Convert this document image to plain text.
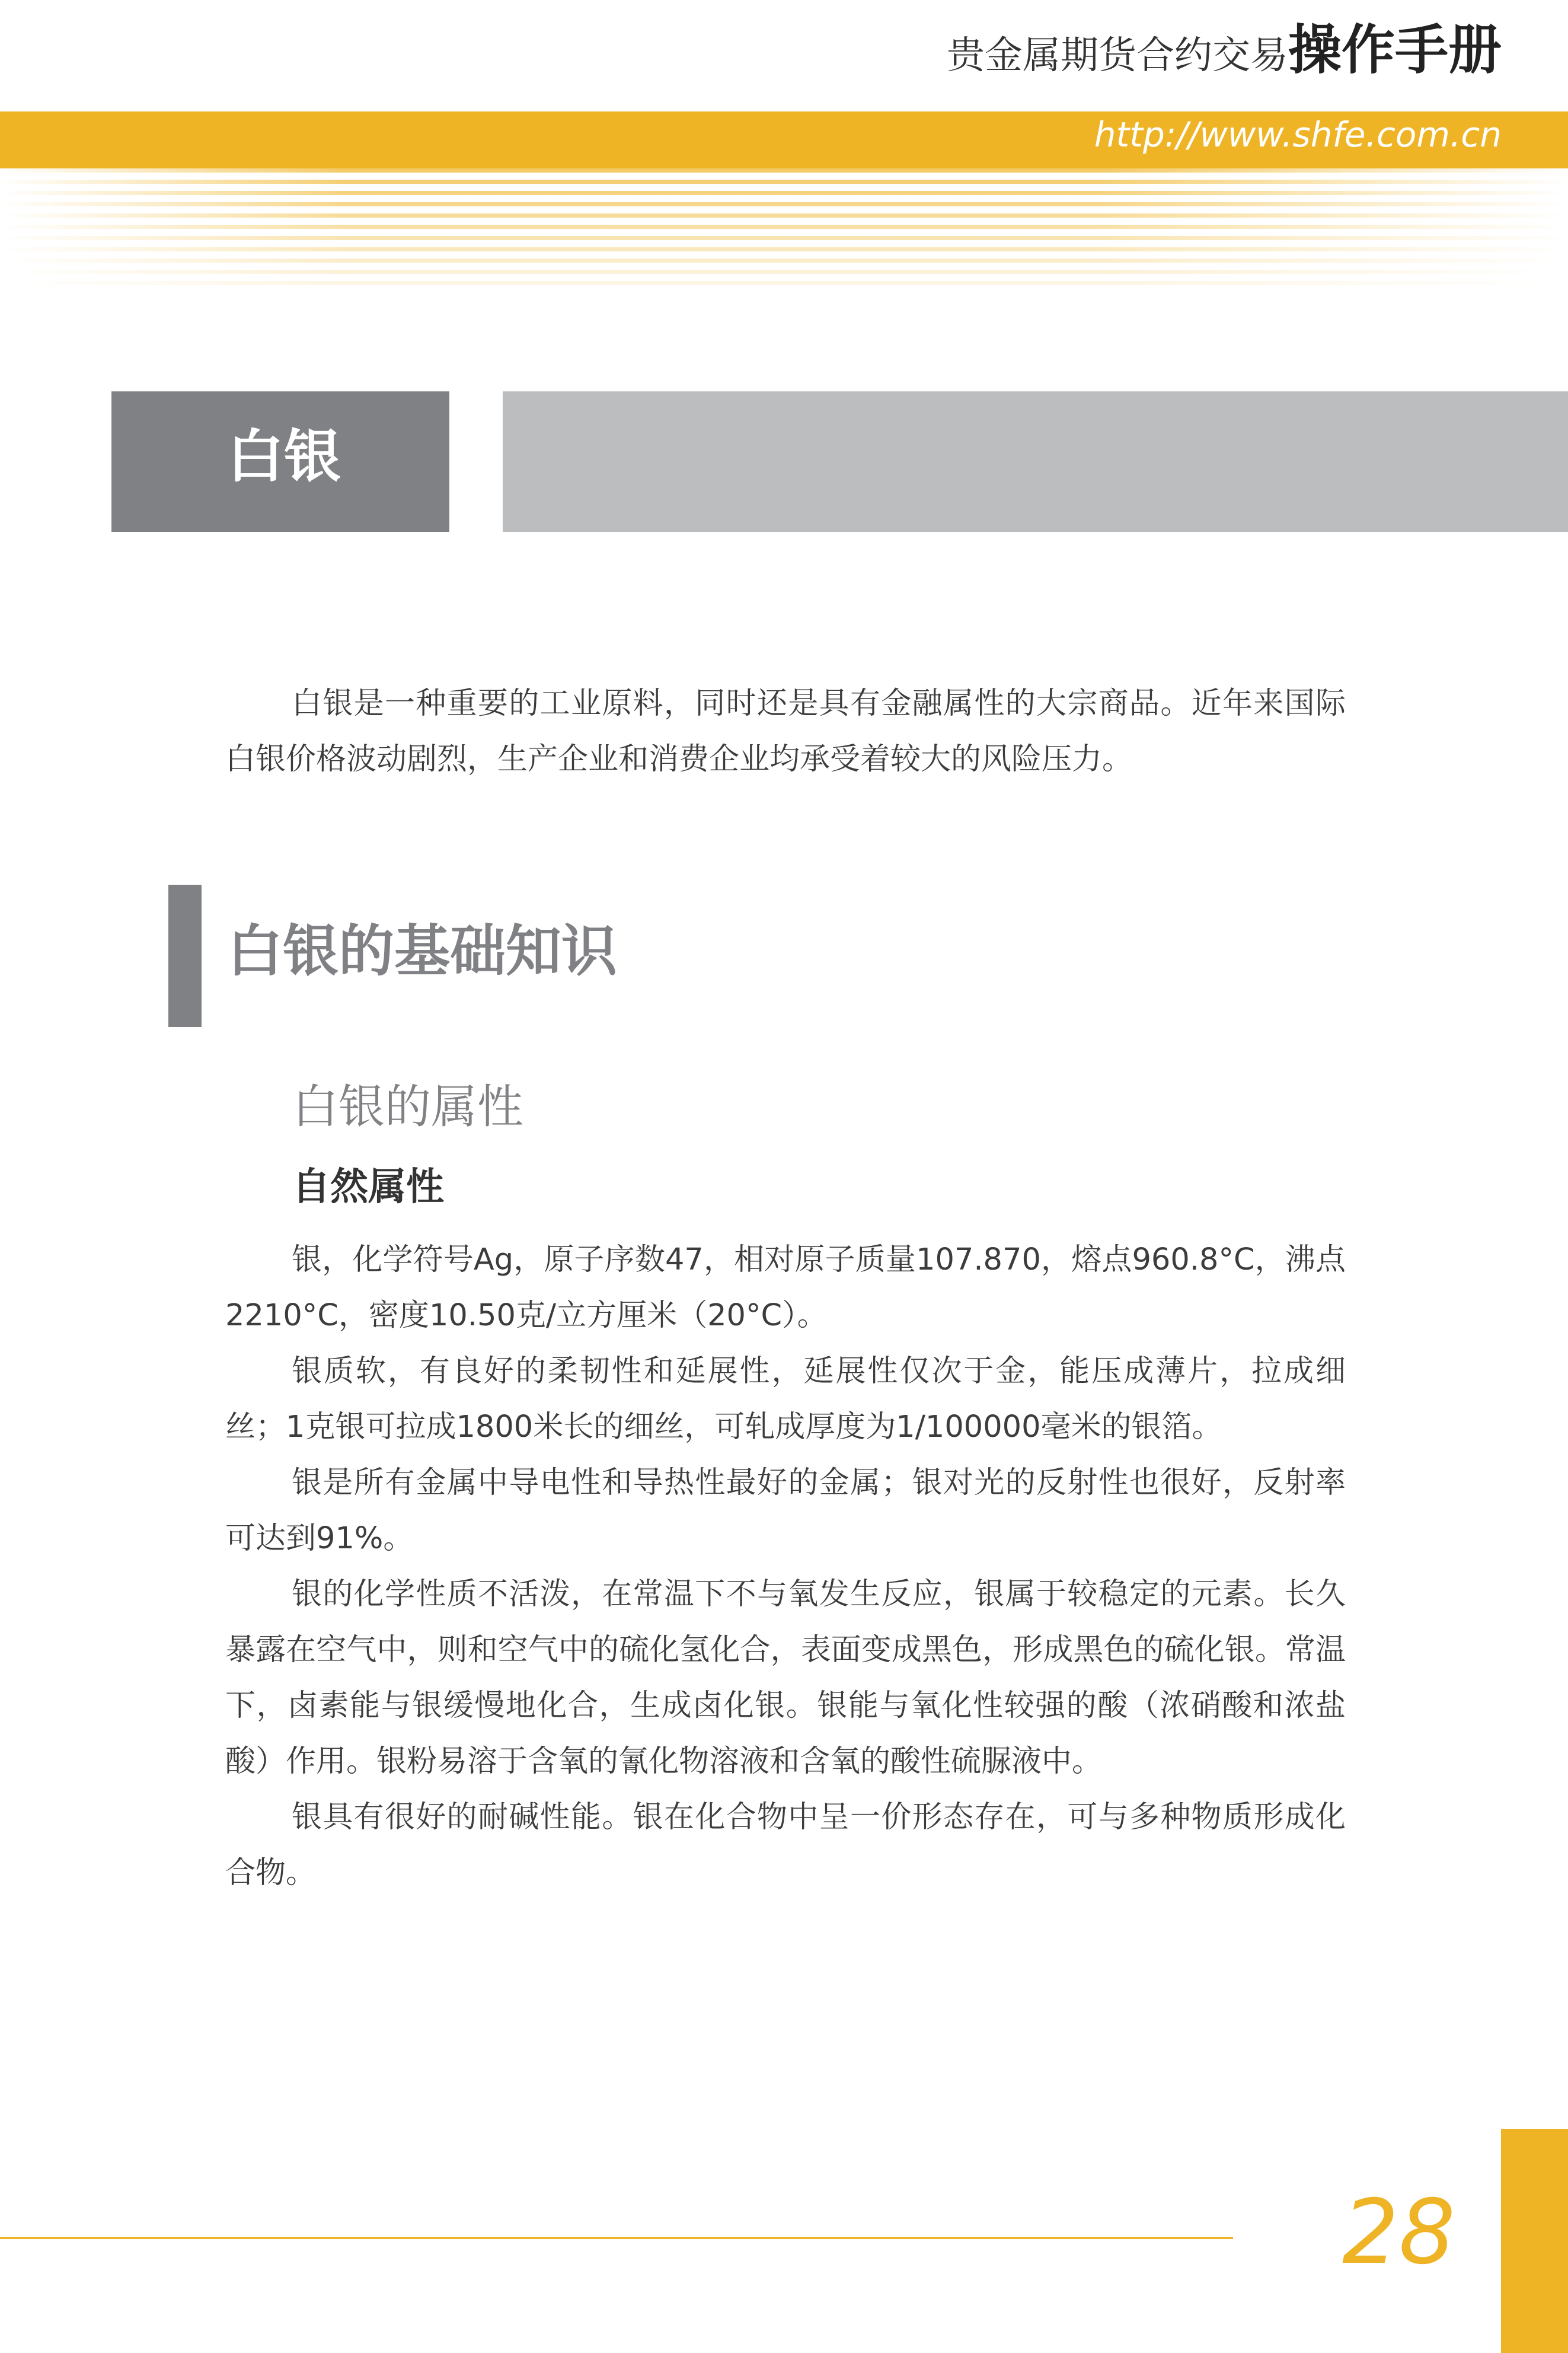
贵金属期货合约交易操作手册
http://www.shfe.com.cn
白银

白银是一种重要的工业原料，同时还是具有金融属性的大宗商品。近年来国际白银价格波动剧烈，生产企业和消费企业均承受着较大的风险压力。

白银的基础知识
白银的属性
自然属性

银，化学符号Ag，原子序数47，相对原子质量107.870，熔点960.8°C，沸点2210°C，密度10.50克/立方厘米（20°C）。

银质软，有良好的柔韧性和延展性，延展性仅次于金，能压成薄片，拉成细丝；1克银可拉成1800米长的细丝，可轧成厚度为1/100000毫米的银箔。

银是所有金属中导电性和导热性最好的金属；银对光的反射性也很好，反射率可达到91%。

银的化学性质不活泼，在常温下不与氧发生反应，银属于较稳定的元素。长久暴露在空气中，则和空气中的硫化氢化合，表面变成黑色，形成黑色的硫化银。常温下，卤素能与银缓慢地化合，生成卤化银。银能与氧化性较强的酸（浓硝酸和浓盐酸）作用。银粉易溶于含氧的氰化物溶液和含氧的酸性硫脲液中。

银具有很好的耐碱性能。银在化合物中呈一价形态存在，可与多种物质形成化合物。

28
